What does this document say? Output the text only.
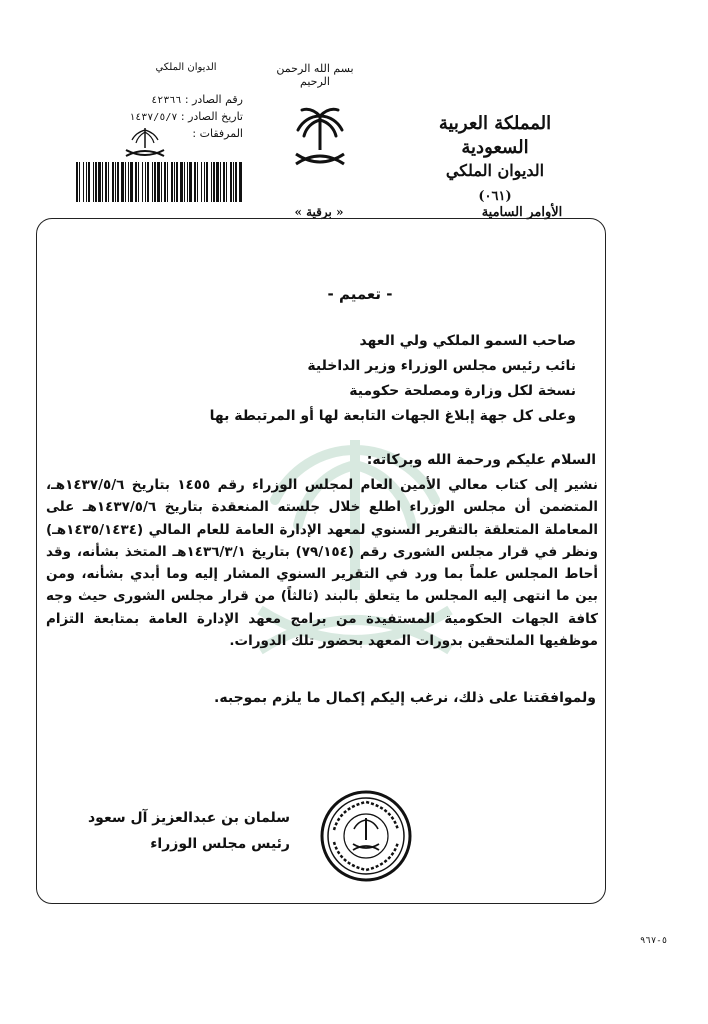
بسم الله الرحمن الرحيم
الديوان الملكي
رقم الصادر : ٤٢٣٦٦
تاريخ الصادر : ١٤٣٧/٥/٧
المرفقات :	المملكة العربية السعودية
الديوان الملكي
(٠٦١)
« برقية »	الأوامر السامية
- تعميم -
صاحب السمو الملكي ولي العهد
نائب رئيس مجلس الوزراء وزير الداخلية
نسخة لكل وزارة ومصلحة حكومية
وعلى كل جهة إبلاغ الجهات التابعة لها أو المرتبطة بها
السلام عليكم ورحمة الله وبركاته:
نشير إلى كتاب معالي الأمين العام لمجلس الوزراء رقم ١٤٥٥ بتاريخ ١٤٣٧/٥/٦هـ، المتضمن أن مجلس الوزراء اطلع خلال جلسته المنعقدة بتاريخ ١٤٣٧/٥/٦هـ على المعاملة المتعلقة بالتقرير السنوي لمعهد الإدارة العامة للعام المالي (١٤٣٥/١٤٣٤هـ) ونظر في قرار مجلس الشورى رقم (٧٩/١٥٤) بتاريخ ١٤٣٦/٣/١هـ المتخذ بشأنه، وقد أحاط المجلس علماً بما ورد في التقرير السنوي المشار إليه وما أبدي بشأنه، ومن بين ما انتهى إليه المجلس ما يتعلق بالبند (ثالثاً) من قرار مجلس الشورى حيث وجه كافة الجهات الحكومية المستفيدة من برامج معهد الإدارة العامة بمتابعة التزام موظفيها الملتحقين بدورات المعهد بحضور تلك الدورات.
ولموافقتنا على ذلك، نرغب إليكم إكمال ما يلزم بموجبه.
سلمان بن عبدالعزيز آل سعود
رئيس مجلس الوزراء
٥-٩٦٧
